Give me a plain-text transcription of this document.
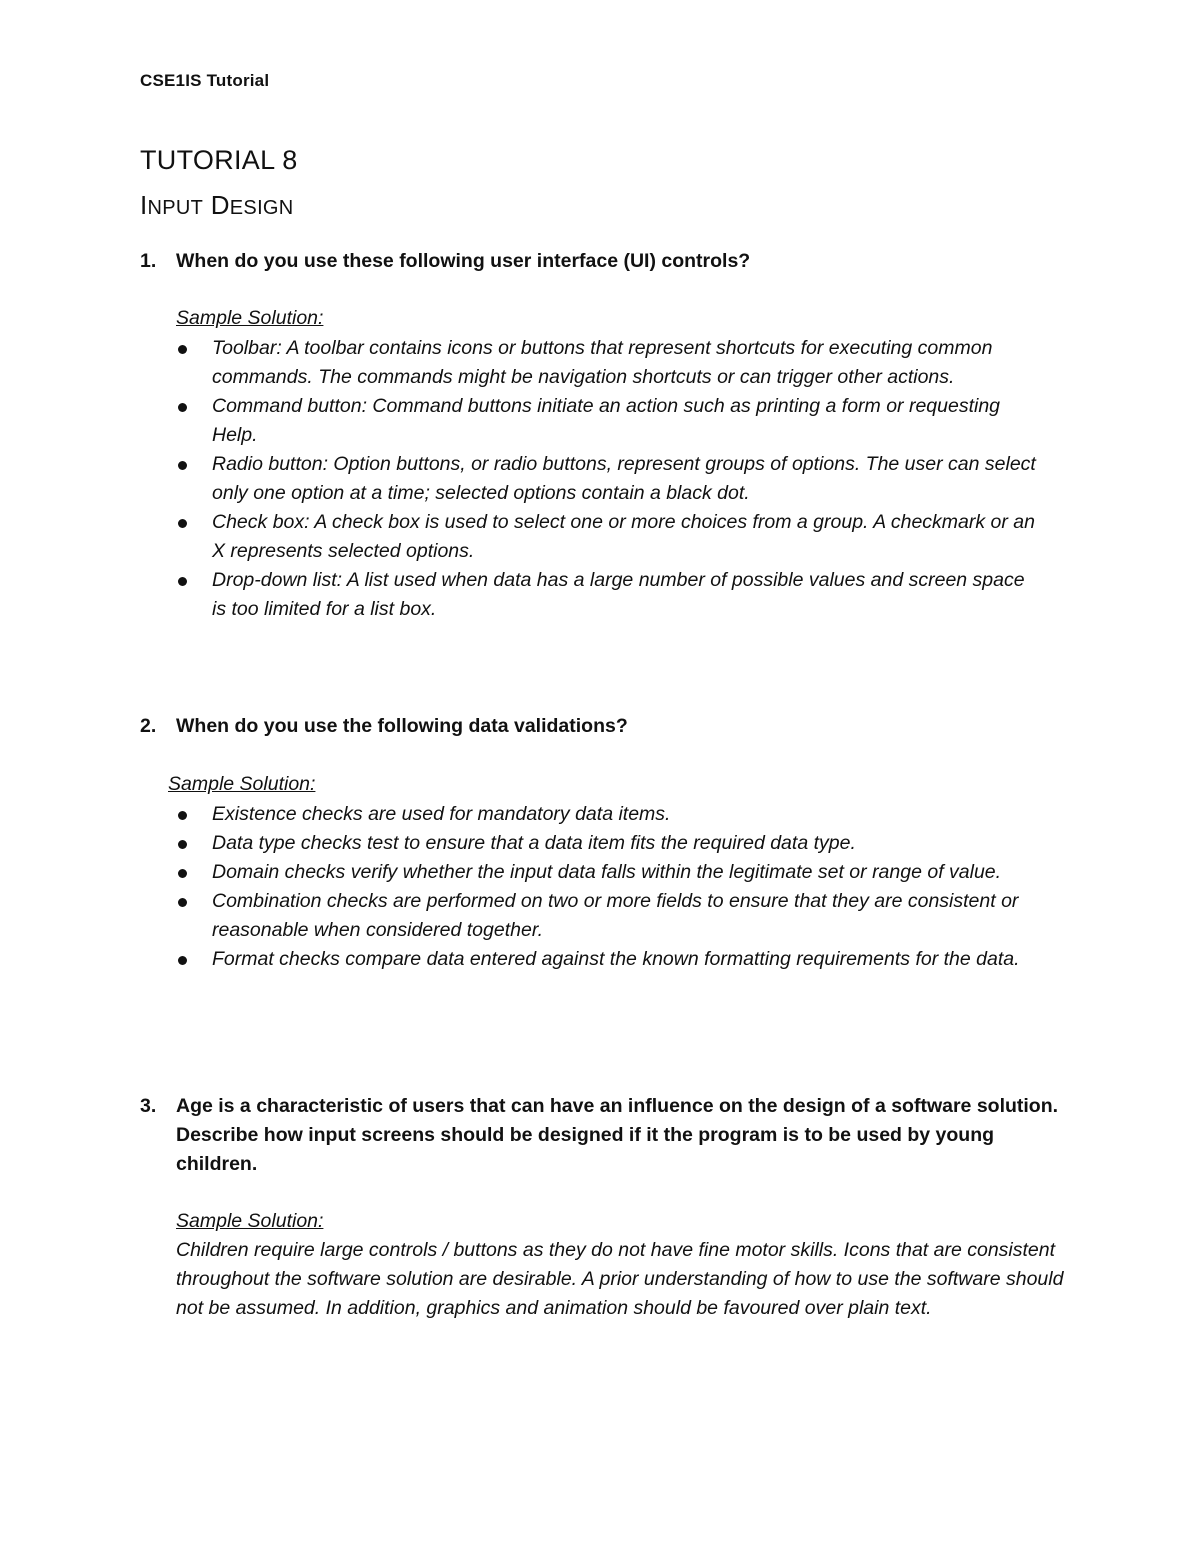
CSE1IS Tutorial
TUTORIAL 8
INPUT DESIGN
1. When do you use these following user interface (UI) controls?
Sample Solution:
Toolbar: A toolbar contains icons or buttons that represent shortcuts for executing common commands. The commands might be navigation shortcuts or can trigger other actions.
Command button: Command buttons initiate an action such as printing a form or requesting Help.
Radio button: Option buttons, or radio buttons, represent groups of options. The user can select only one option at a time; selected options contain a black dot.
Check box: A check box is used to select one or more choices from a group. A checkmark or an X represents selected options.
Drop-down list: A list used when data has a large number of possible values and screen space is too limited for a list box.
2. When do you use the following data validations?
Sample Solution:
Existence checks are used for mandatory data items.
Data type checks test to ensure that a data item fits the required data type.
Domain checks verify whether the input data falls within the legitimate set or range of value.
Combination checks are performed on two or more fields to ensure that they are consistent or reasonable when considered together.
Format checks compare data entered against the known formatting requirements for the data.
3. Age is a characteristic of users that can have an influence on the design of a software solution. Describe how input screens should be designed if it the program is to be used by young children.
Sample Solution:
Children require large controls / buttons as they do not have fine motor skills. Icons that are consistent throughout the software solution are desirable. A prior understanding of how to use the software should not be assumed. In addition, graphics and animation should be favoured over plain text.
